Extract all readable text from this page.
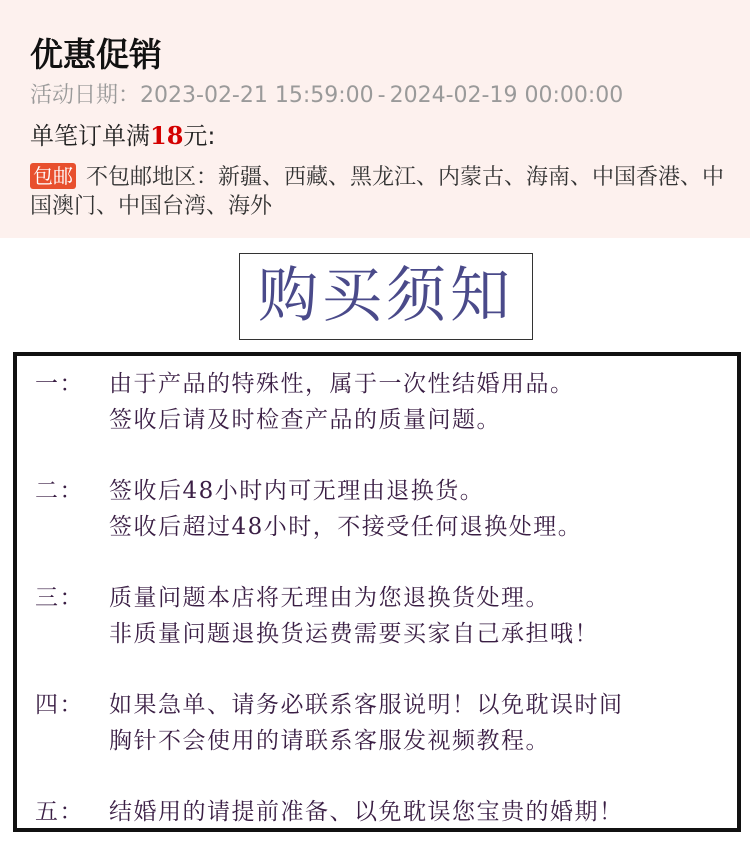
优惠促销
活动日期：2023-02-21 15:59:00 - 2024-02-19 00:00:00
单笔订单满18元:
包邮 不包邮地区：新疆、西藏、黑龙江、内蒙古、海南、中国香港、中国澳门、中国台湾、海外
购买须知
一： 由于产品的特殊性，属于一次性结婚用品。
签收后请及时检查产品的质量问题。
二： 签收后48小时内可无理由退换货。
签收后超过48小时，不接受任何退换处理。
三： 质量问题本店将无理由为您退换货处理。
非质量问题退换货运费需要买家自己承担哦！
四： 如果急单、请务必联系客服说明！以免耽误时间
胸针不会使用的请联系客服发视频教程。
五： 结婚用的请提前准备、以免耽误您宝贵的婚期！
